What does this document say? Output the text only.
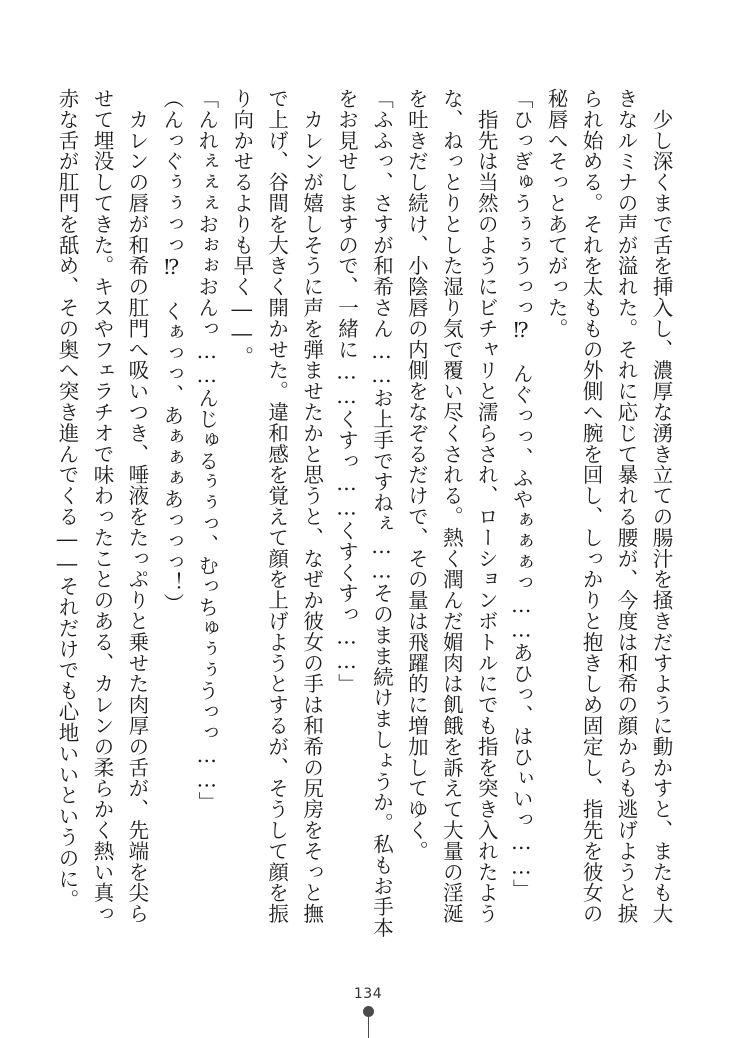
　少し深くまで舌を挿入し、濃厚な湧き立ての腸汁を掻きだすように動かすと、またも大
きなルミナの声が溢れた。それに応じて暴れる腰が、今度は和希の顔からも逃げようと捩
られ始める。それを太ももの外側へ腕を回し、しっかりと抱きしめ固定し、指先を彼女の
秘唇へそっとあてがった。
「ひっぎゅうぅぅうっっ⁉　んぐっっ、ふやぁぁぁっ……あひっ、はひぃいっ……」
　指先は当然のようにビチャリと濡らされ、ローションボトルにでも指を突き入れたよう
な、ねっとりとした湿り気で覆い尽くされる。熱く潤んだ媚肉は飢餓を訴えて大量の淫涎
を吐きだし続け、小陰唇の内側をなぞるだけで、その量は飛躍的に増加してゆく。
「ふふっ、さすが和希さん……お上手ですねぇ……そのまま続けましょうか。私もお手本
をお見せしますので、一緒に……くすっ……くすくすっ……」
　カレンが嬉しそうに声を弾ませたかと思うと、なぜか彼女の手は和希の尻房をそっと撫
で上げ、谷間を大きく開かせた。違和感を覚えて顔を上げようとするが、そうして顔を振
り向かせるよりも早く――。
「んれぇぇぇおぉぉおんっ……んじゅるぅぅっ、むっちゅぅぅうっっ……」
（んっぐぅぅっっ⁉　くぁっっ、あぁぁぁあっっっ！）
　カレンの唇が和希の肛門へ吸いつき、唾液をたっぷりと乗せた肉厚の舌が、先端を尖ら
せて埋没してきた。キスやフェラチオで味わったことのある、カレンの柔らかく熱い真っ
赤な舌が肛門を舐め、その奥へ突き進んでくる――それだけでも心地いいというのに。
134
